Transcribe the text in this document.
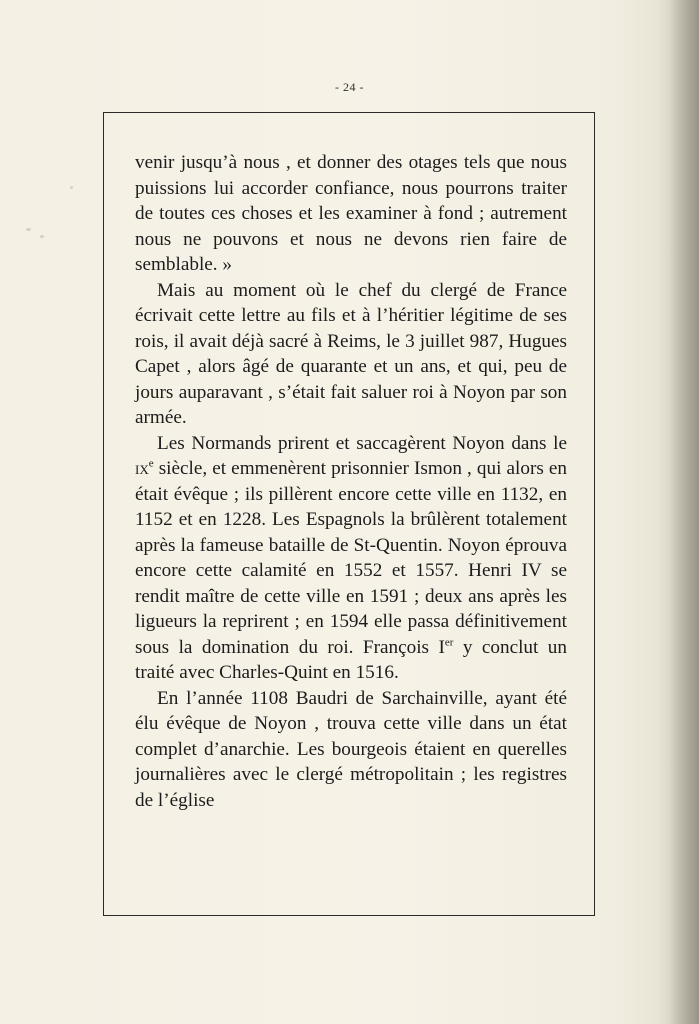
- 24 -

venir jusqu’à nous , et donner des otages tels que nous puissions lui accorder confiance, nous pourrons traiter de toutes ces choses et les examiner à fond ; autrement nous ne pouvons et nous ne devons rien faire de semblable. »

Mais au moment où le chef du clergé de France écrivait cette lettre au fils et à l’héritier légitime de ses rois, il avait déjà sacré à Reims, le 3 juillet 987, Hugues Capet , alors âgé de quarante et un ans, et qui, peu de jours auparavant , s’était fait saluer roi à Noyon par son armée.

Les Normands prirent et saccagèrent Noyon dans le $ix^e$ siècle, et emmenèrent prisonnier Ismon , qui alors en était évêque ; ils pillèrent encore cette ville en 1132, en 1152 et en 1228. Les Espagnols la brûlèrent totalement après la fameuse bataille de St-Quentin. Noyon éprouva encore cette calamité en 1552 et 1557. Henri IV se rendit maître de cette ville en 1591 ; deux ans après les ligueurs la reprirent ; en 1594 elle passa définitivement sous la domination du roi. François Ier y conclut un traité avec Charles-Quint en 1516.

En l’année 1108 Baudri de Sarchainville, ayant été élu évêque de Noyon , trouva cette ville dans un état complet d’anarchie. Les bourgeois étaient en querelles journalières avec le clergé métropolitain ; les registres de l’église
